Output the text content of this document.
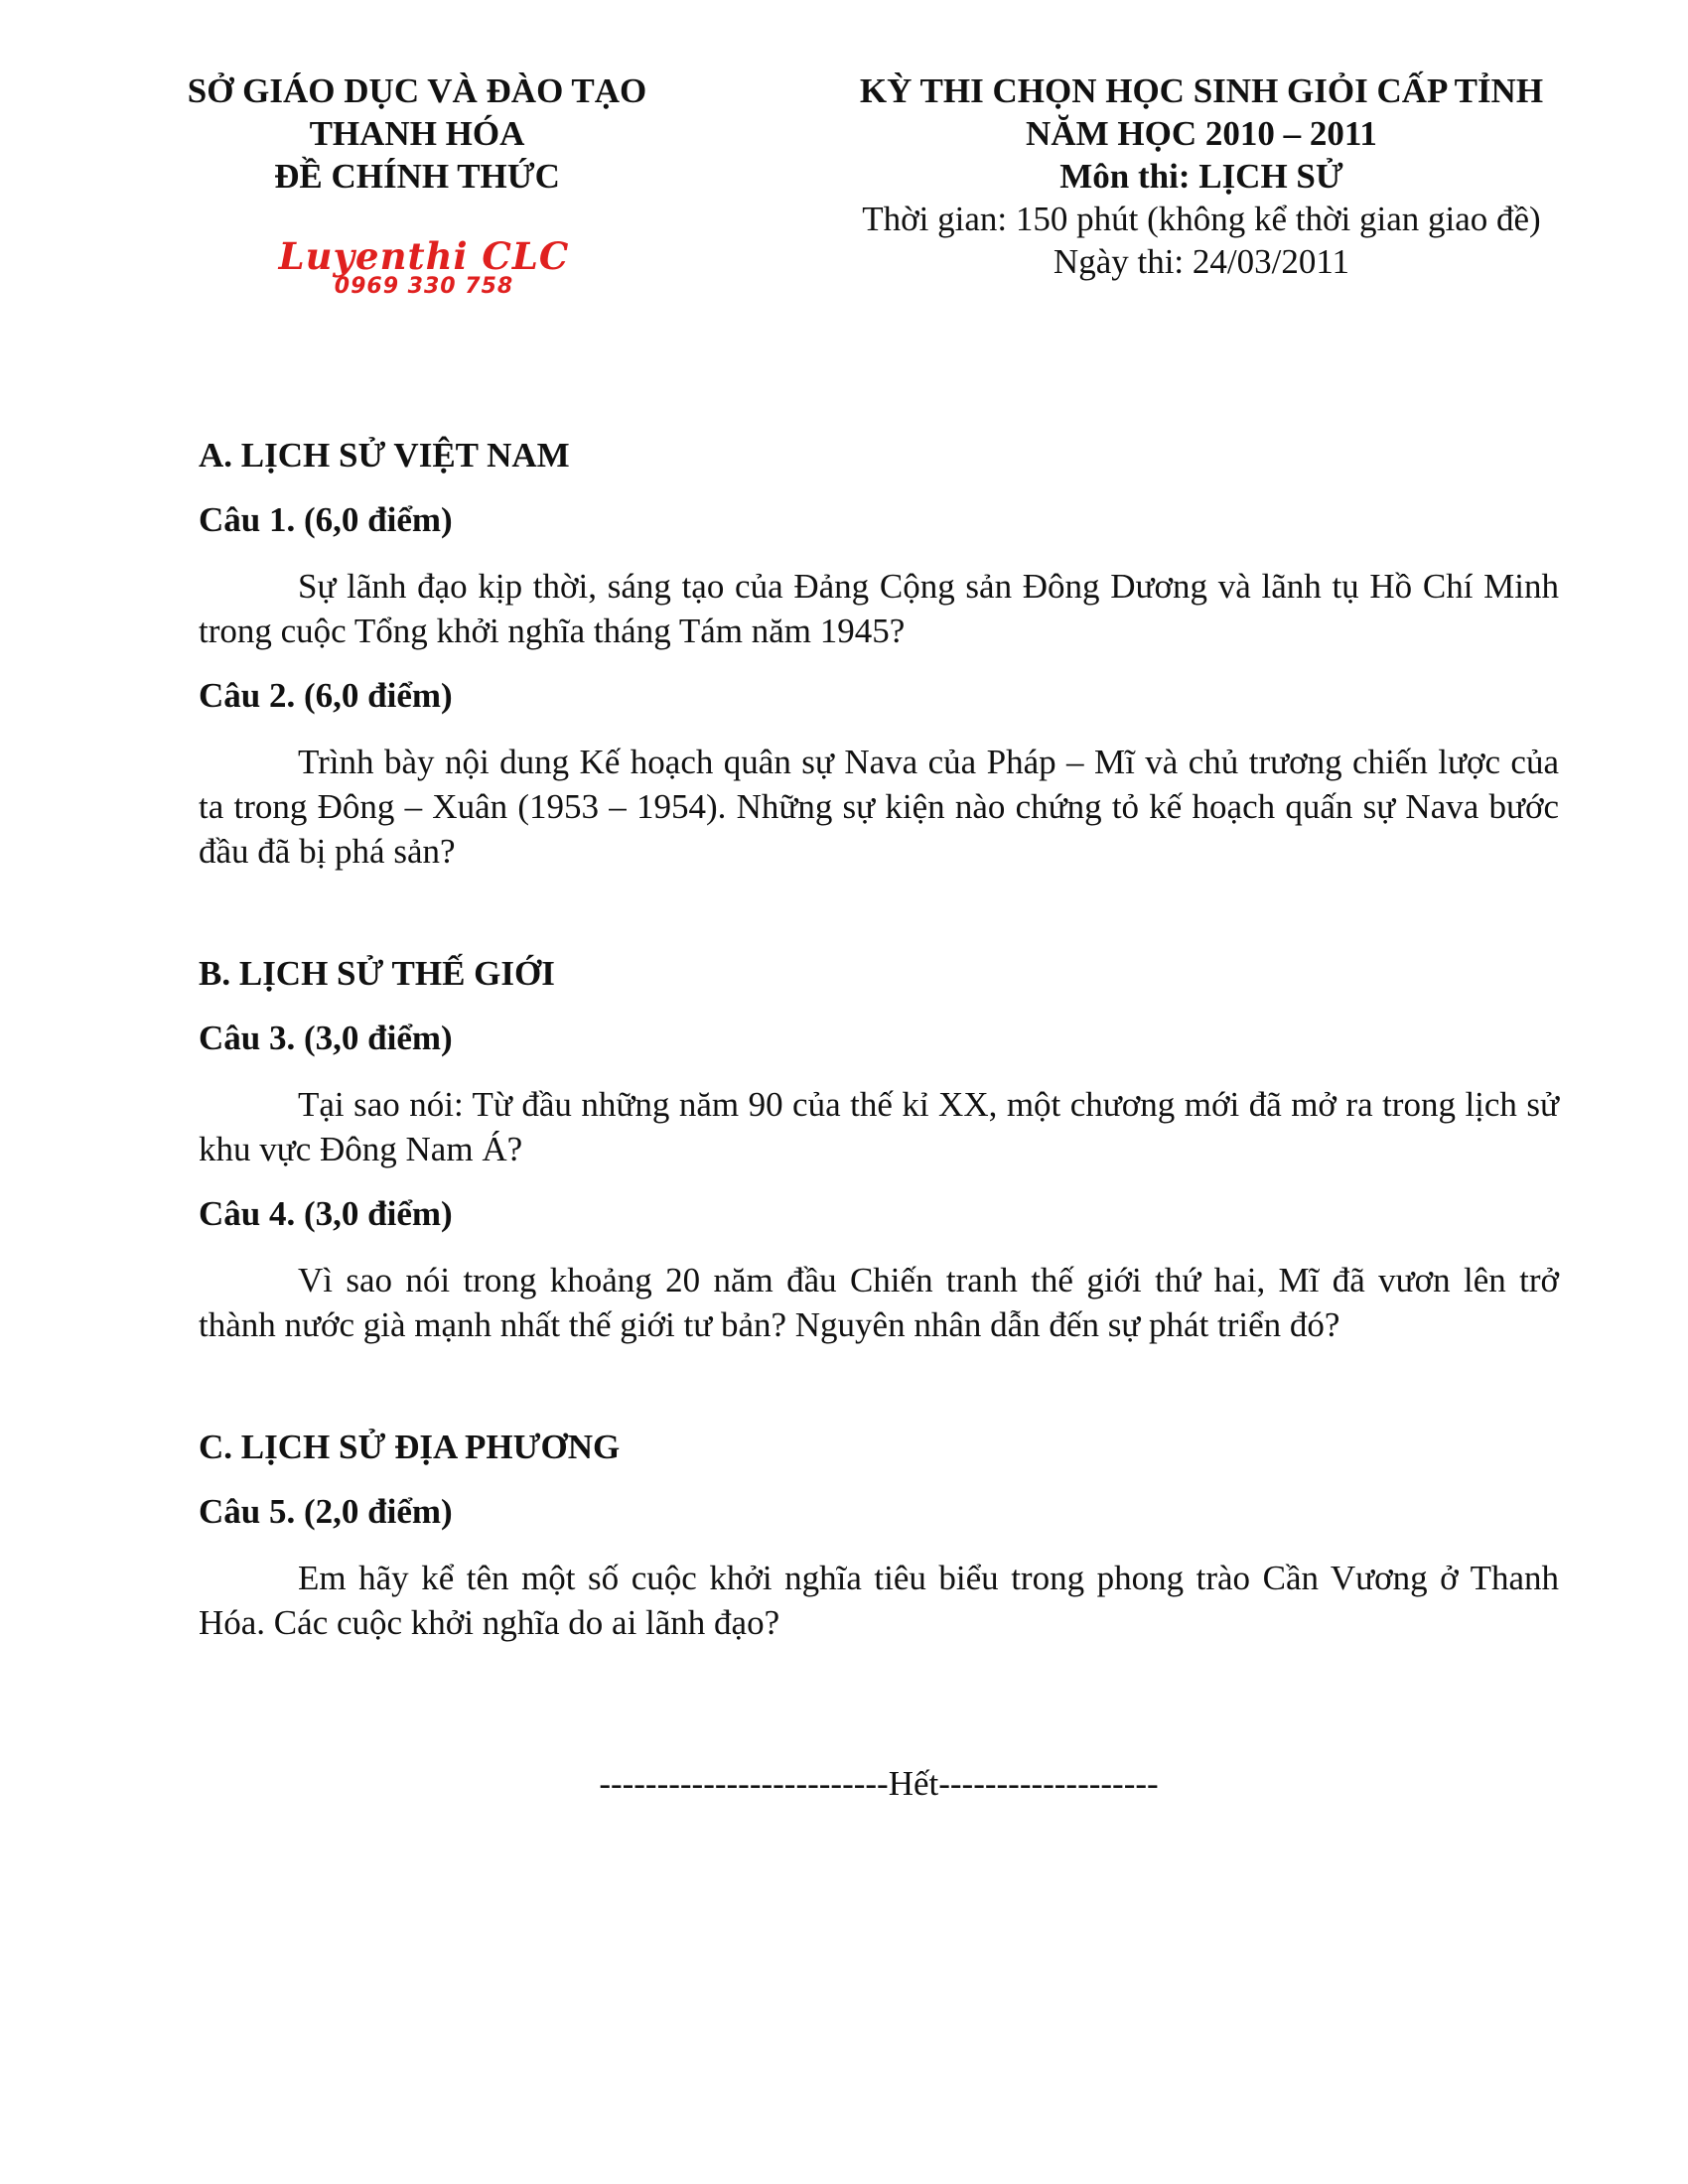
SỞ GIÁO DỤC VÀ ĐÀO TẠO
THANH HÓA
ĐỀ CHÍNH THỨC
Luyenthi CLC
0969 330 758
KỲ THI CHỌN HỌC SINH GIỎI CẤP TỈNH
NĂM HỌC 2010 – 2011
Môn thi: LỊCH SỬ
Thời gian: 150 phút (không kể thời gian giao đề)
Ngày thi: 24/03/2011

A. LỊCH SỬ VIỆT NAM

Câu 1. (6,0 điểm)

Sự lãnh đạo kịp thời, sáng tạo của Đảng Cộng sản Đông Dương và lãnh tụ Hồ Chí Minh trong cuộc Tổng khởi nghĩa tháng Tám năm 1945?

Câu 2. (6,0 điểm)

Trình bày nội dung Kế hoạch quân sự Nava của Pháp – Mĩ và chủ trương chiến lược của ta trong Đông – Xuân (1953 – 1954). Những sự kiện nào chứng tỏ kế hoạch quấn sự Nava bước đầu đã bị phá sản?

B. LỊCH SỬ THẾ GIỚI

Câu 3. (3,0 điểm)

Tại sao nói: Từ đầu những năm 90 của thế kỉ XX, một chương mới đã mở ra trong lịch sử khu vực Đông Nam Á?

Câu 4. (3,0 điểm)

Vì sao nói trong khoảng 20 năm đầu Chiến tranh thế giới thứ hai, Mĩ đã vươn lên trở thành nước già mạnh nhất thế giới tư bản? Nguyên nhân dẫn đến sự phát triển đó?

C. LỊCH SỬ ĐỊA PHƯƠNG

Câu 5. (2,0 điểm)

Em hãy kể tên một số cuộc khởi nghĩa tiêu biểu trong phong trào Cần Vương ở Thanh Hóa. Các cuộc khởi nghĩa do ai lãnh đạo?

-------------------------Hết-------------------
